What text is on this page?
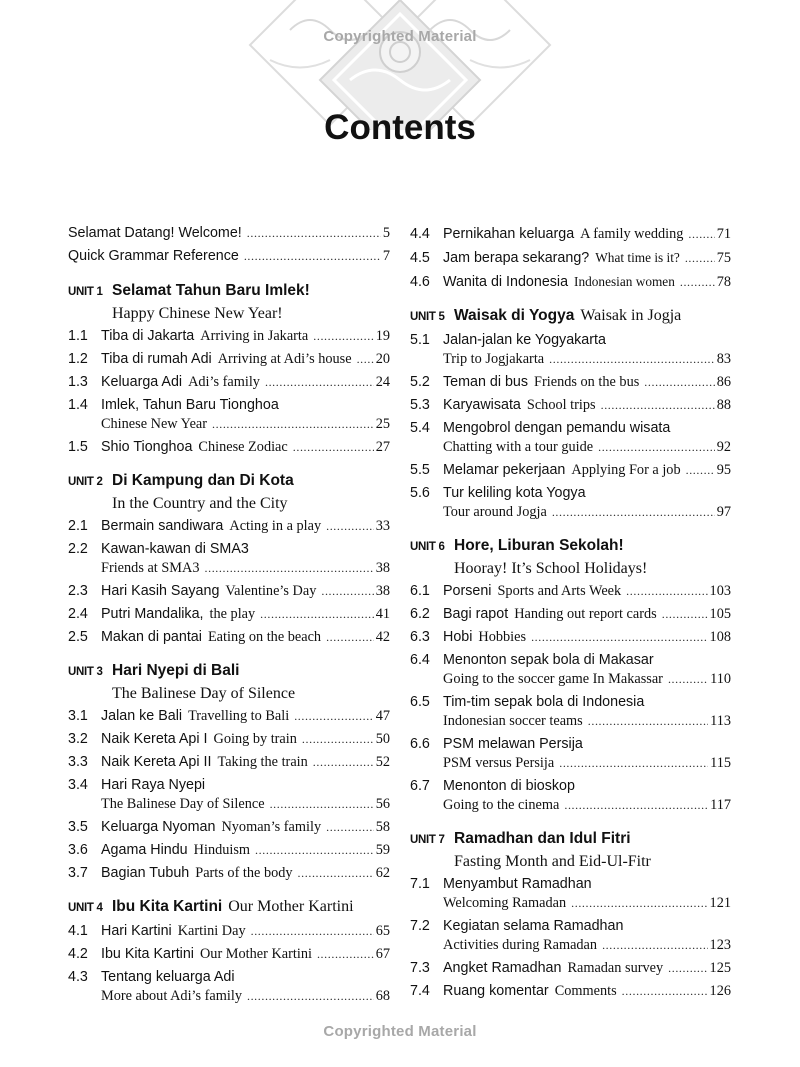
Copyrighted Material
Contents
Selamat Datang! Welcome! . . .	5
Quick Grammar Reference . . .	7
UNIT 1 Selamat Tahun Baru Imlek!
Happy Chinese New Year!
1.1 Tiba di Jakarta Arriving in Jakarta . . .	19
1.2 Tiba di rumah Adi Arriving at Adi’s house . . . 20
1.3 Keluarga Adi Adi’s family . . .	24
1.4 Imlek, Tahun Baru Tionghoa
Chinese New Year . . .	25
1.5 Shio Tionghoa Chinese Zodiac . . .	27
UNIT 2 Di Kampung dan Di Kota
In the Country and the City
2.1 Bermain sandiwara Acting in a play . . .	33
2.2 Kawan-kawan di SMA3
Friends at SMA3 . . .	38
2.3 Hari Kasih Sayang Valentine’s Day . . .	38
2.4 Putri Mandalika, the play . . .	41
2.5 Makan di pantai Eating on the beach . . .	42
UNIT 3 Hari Nyepi di Bali
The Balinese Day of Silence
3.1 Jalan ke Bali Travelling to Bali . . .	47
3.2 Naik Kereta Api I Going by train . . .	50
3.3 Naik Kereta Api II Taking the train . . .	52
3.4 Hari Raya Nyepi
The Balinese Day of Silence . . .	56
3.5 Keluarga Nyoman Nyoman’s family . . .	58
3.6 Agama Hindu Hinduism . . .	59
3.7 Bagian Tubuh Parts of the body . . .	62
UNIT 4 Ibu Kita Kartini Our Mother Kartini
4.1 Hari Kartini Kartini Day . . .	65
4.2 Ibu Kita Kartini Our Mother Kartini . . .	67
4.3 Tentang keluarga Adi
More about Adi’s family . . .	68
4.4 Pernikahan keluarga A family wedding . . . 71
4.5 Jam berapa sekarang? What time is it? . . .	75
4.6 Wanita di Indonesia Indonesian women . . .	78
UNIT 5 Waisak di Yogya Waisak in Jogja
5.1 Jalan-jalan ke Yogyakarta
Trip to Jogjakarta . . .	83
5.2 Teman di bus Friends on the bus . . .	86
5.3 Karyawisata School trips . . .	88
5.4 Mengobrol dengan pemandu wisata
Chatting with a tour guide . . .	92
5.5 Melamar pekerjaan Applying For a job . . .	95
5.6 Tur keliling kota Yogya
Tour around Jogja . . .	97
UNIT 6 Hore, Liburan Sekolah!
Hooray! It’s School Holidays!
6.1 Porseni Sports and Arts Week . . .	103
6.2 Bagi rapot Handing out report cards . . .	105
6.3 Hobi Hobbies . . .	108
6.4 Menonton sepak bola di Makasar
Going to the soccer game In Makassar . . .	110
6.5 Tim-tim sepak bola di Indonesia
Indonesian soccer teams . . .	113
6.6 PSM melawan Persija
PSM versus Persija . . .	115
6.7 Menonton di bioskop
Going to the cinema . . .	117
UNIT 7 Ramadhan dan Idul Fitri
Fasting Month and Eid-Ul-Fitr
7.1 Menyambut Ramadhan
Welcoming Ramadan . . .	121
7.2 Kegiatan selama Ramadhan
Activities during Ramadan . . .	123
7.3 Angket Ramadhan Ramadan survey . . .	125
7.4 Ruang komentar Comments . . .	126
Copyrighted Material
